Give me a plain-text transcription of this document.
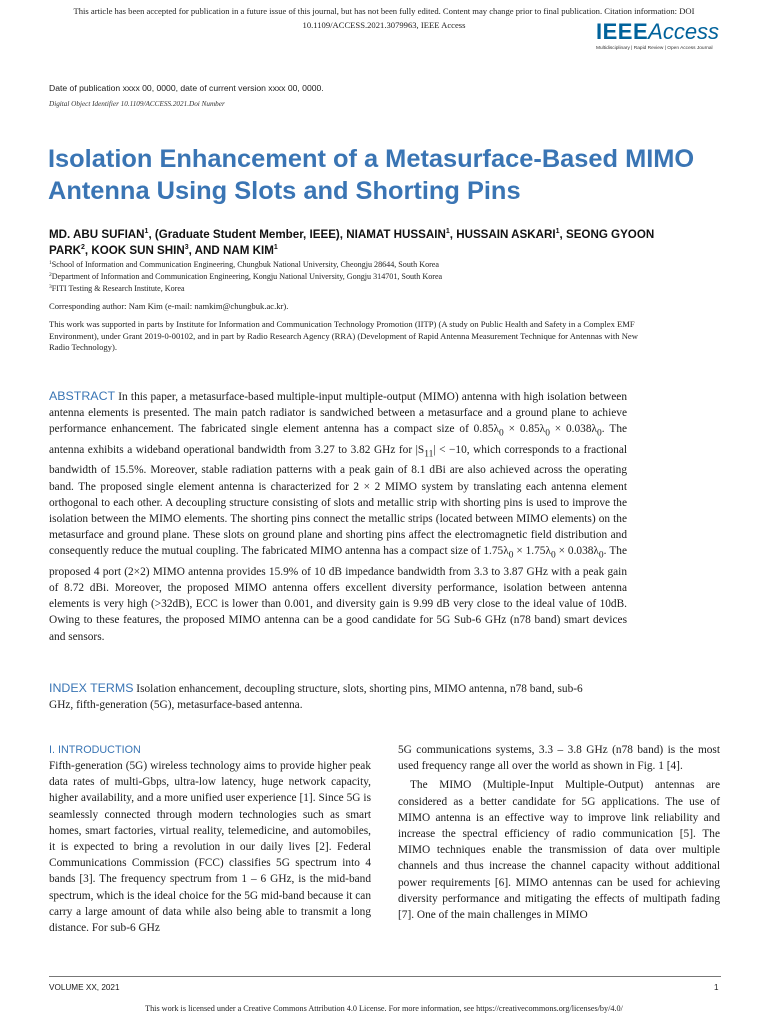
This article has been accepted for publication in a future issue of this journal, but has not been fully edited. Content may change prior to final publication. Citation information: DOI
10.1109/ACCESS.2021.3079963, IEEE Access	IEEEAccess
Multidisciplinary | Rapid Review | Open Access Journal
Date of publication xxxx 00, 0000, date of current version xxxx 00, 0000.
Digital Object Identifier 10.1109/ACCESS.2021.Doi Number
Isolation Enhancement of a Metasurface-Based MIMO Antenna Using Slots and Shorting Pins
MD. ABU SUFIAN$^1$, (Graduate Student Member, IEEE), NIAMAT HUSSAIN$^1$, HUSSAIN ASKARI$^1$, SEONG GYOON PARK$^2$, KOOK SUN SHIN$^3$, AND NAM KIM$^1$
$^1$School of Information and Communication Engineering, Chungbuk National University, Cheongju 28644, South Korea
$^2$Department of Information and Communication Engineering, Kongju National University, Gongju 314701, South Korea
$^3$FITI Testing & Research Institute, Korea
Corresponding author: Nam Kim (e-mail: namkim@chungbuk.ac.kr).
This work was supported in parts by Institute for Information and Communication Technology Promotion (IITP) (A study on Public Health and Safety in a Complex EMF Environment), under Grant 2019-0-00102, and in part by Radio Research Agency (RRA) (Development of Rapid Antenna Measurement Technique for Antennas with New Radio Technology).
ABSTRACT In this paper, a metasurface-based multiple-input multiple-output (MIMO) antenna with high isolation between antenna elements is presented. The main patch radiator is sandwiched between a metasurface and a ground plane to achieve performance enhancement. The fabricated single element antenna has a compact size of $0.85\lambda_0 \times 0.85\lambda_0 \times 0.038\lambda_0$. The antenna exhibits a wideband operational bandwidth from 3.27 to 3.82 GHz for $|S_{11}| < -10$, which corresponds to a fractional bandwidth of 15.5%. Moreover, stable radiation patterns with a peak gain of 8.1 dBi are also achieved across the operating band. The proposed single element antenna is characterized for 2 × 2 MIMO system by translating each antenna element orthogonal to each other. A decoupling structure consisting of slots and metallic strip with shorting pins is used to improve the isolation between the MIMO elements. The shorting pins connect the metallic strips (located between MIMO elements) on the metasurface and ground plane. These slots on ground plane and shorting pins affect the electromagnetic field distribution and consequently reduce the mutual coupling. The fabricated MIMO antenna has a compact size of $1.75\lambda_0 \times 1.75\lambda_0 \times 0.038\lambda_0$. The proposed 4 port (2×2) MIMO antenna provides 15.9% of 10 dB impedance bandwidth from 3.3 to 3.87 GHz with a peak gain of 8.72 dBi. Moreover, the proposed MIMO antenna offers excellent diversity performance, isolation between antenna elements is very high (>32dB), ECC is lower than 0.001, and diversity gain is 9.99 dB very close to the ideal value of 10dB. Owing to these features, the proposed MIMO antenna can be a good candidate for 5G Sub-6 GHz (n78 band) smart devices and sensors.
INDEX TERMS Isolation enhancement, decoupling structure, slots, shorting pins, MIMO antenna, n78 band, sub-6 GHz, fifth-generation (5G), metasurface-based antenna.
I. INTRODUCTION

Fifth-generation (5G) wireless technology aims to provide higher peak data rates of multi-Gbps, ultra-low latency, huge network capacity, higher availability, and a more unified user experience [1]. Since 5G is seamlessly connected through modern technologies such as smart homes, smart factories, virtual reality, telemedicine, and automobiles, it is expected to bring a revolution in our daily lives [2]. Federal Communications Commission (FCC) classifies 5G spectrum into 4 bands [3]. The frequency spectrum from 1 – 6 GHz, is the mid-band spectrum, which is the ideal choice for the 5G mid-band because it can carry a large amount of data while also being able to transmit a long distance. For sub-6 GHz

5G communications systems, 3.3 – 3.8 GHz (n78 band) is the most used frequency range all over the world as shown in Fig. 1 [4].

The MIMO (Multiple-Input Multiple-Output) antennas are considered as a better candidate for 5G applications. The use of MIMO antenna is an effective way to improve link reliability and increase the spectral efficiency of radio communication [5]. The MIMO techniques enable the transmission of data over multiple channels and thus increase the channel capacity without additional power requirements [6]. MIMO antennas can be used for achieving diversity performance and mitigating the effects of multipath fading [7]. One of the main challenges in MIMO

VOLUME XX, 2021	1
This work is licensed under a Creative Commons Attribution 4.0 License. For more information, see https://creativecommons.org/licenses/by/4.0/
